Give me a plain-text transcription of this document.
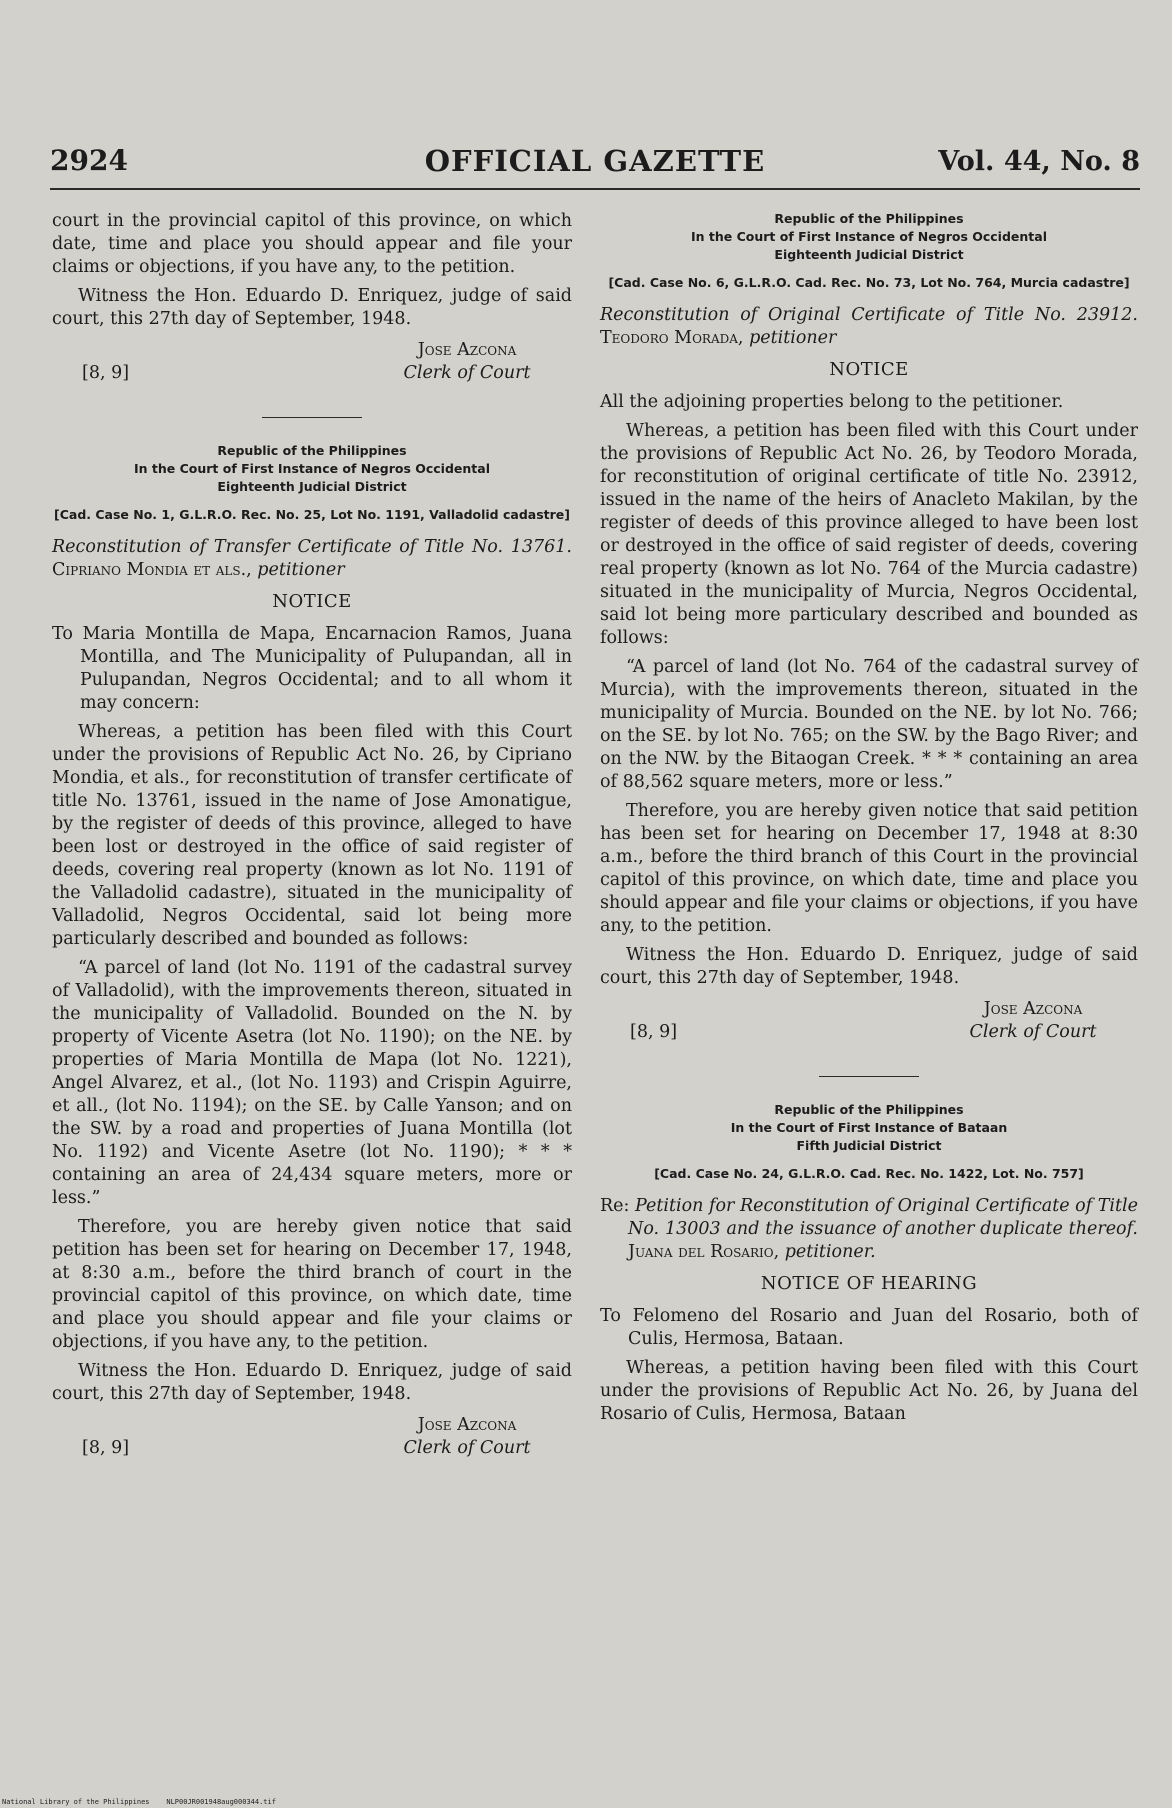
2924	OFFICIAL GAZETTE	Vol. 44, No. 8

court in the provincial capitol of this province, on which date, time and place you should appear and file your claims or objections, if you have any, to the petition.

Witness the Hon. Eduardo D. Enriquez, judge of said court, this 27th day of September, 1948.

Jose Azcona
Clerk of Court
[8, 9]

Republic of the Philippines

In the Court of First Instance of Negros Occidental

Eighteenth Judicial District

[Cad. Case No. 1, G.L.R.O. Rec. No. 25, Lot No. 1191, Valladolid cadastre]

Reconstitution of Transfer Certificate of Title No. 13761. Cipriano Mondia et als., petitioner

NOTICE

To Maria Montilla de Mapa, Encarnacion Ramos, Juana Montilla, and The Municipality of Pulupandan, all in Pulupandan, Negros Occidental; and to all whom it may concern:

Whereas, a petition has been filed with this Court under the provisions of Republic Act No. 26, by Cipriano Mondia, et als., for reconstitution of transfer certificate of title No. 13761, issued in the name of Jose Amonatigue, by the register of deeds of this province, alleged to have been lost or destroyed in the office of said register of deeds, covering real property (known as lot No. 1191 of the Valladolid cadastre), situated in the municipality of Valladolid, Negros Occidental, said lot being more particularly described and bounded as follows:

“A parcel of land (lot No. 1191 of the cadastral survey of Valladolid), with the improvements thereon, situated in the municipality of Valladolid. Bounded on the N. by property of Vicente Asetra (lot No. 1190); on the NE. by properties of Maria Montilla de Mapa (lot No. 1221), Angel Alvarez, et al., (lot No. 1193) and Crispin Aguirre, et all., (lot No. 1194); on the SE. by Calle Yanson; and on the SW. by a road and properties of Juana Montilla (lot No. 1192) and Vicente Asetre (lot No. 1190); * * * containing an area of 24,434 square meters, more or less.”

Therefore, you are hereby given notice that said petition has been set for hearing on December 17, 1948, at 8:30 a.m., before the third branch of court in the provincial capitol of this province, on which date, time and place you should appear and file your claims or objections, if you have any, to the petition.

Witness the Hon. Eduardo D. Enriquez, judge of said court, this 27th day of September, 1948.

Jose Azcona
Clerk of Court
[8, 9]

Republic of the Philippines

In the Court of First Instance of Negros Occidental

Eighteenth Judicial District

[Cad. Case No. 6, G.L.R.O. Cad. Rec. No. 73, Lot No. 764, Murcia cadastre]

Reconstitution of Original Certificate of Title No. 23912. Teodoro Morada, petitioner

NOTICE

All the adjoining properties belong to the petitioner.

Whereas, a petition has been filed with this Court under the provisions of Republic Act No. 26, by Teodoro Morada, for reconstitution of original certificate of title No. 23912, issued in the name of the heirs of Anacleto Makilan, by the register of deeds of this province alleged to have been lost or destroyed in the office of said register of deeds, covering real property (known as lot No. 764 of the Murcia cadastre) situated in the municipality of Murcia, Negros Occidental, said lot being more particulary described and bounded as follows:

“A parcel of land (lot No. 764 of the cadastral survey of Murcia), with the improvements thereon, situated in the municipality of Murcia. Bounded on the NE. by lot No. 766; on the SE. by lot No. 765; on the SW. by the Bago River; and on the NW. by the Bitaogan Creek. * * * containing an area of 88,562 square meters, more or less.”

Therefore, you are hereby given notice that said petition has been set for hearing on December 17, 1948 at 8:30 a.m., before the third branch of this Court in the provincial capitol of this province, on which date, time and place you should appear and file your claims or objections, if you have any, to the petition.

Witness the Hon. Eduardo D. Enriquez, judge of said court, this 27th day of September, 1948.

Jose Azcona
Clerk of Court
[8, 9]

Republic of the Philippines

In the Court of First Instance of Bataan

Fifth Judicial District

[Cad. Case No. 24, G.L.R.O. Cad. Rec. No. 1422, Lot. No. 757]

Re: Petition for Reconstitution of Original Certificate of Title No. 13003 and the issuance of another duplicate thereof. Juana del Rosario, petitioner.

NOTICE OF HEARING

To Felomeno del Rosario and Juan del Rosario, both of Culis, Hermosa, Bataan.

Whereas, a petition having been filed with this Court under the provisions of Republic Act No. 26, by Juana del Rosario of Culis, Hermosa, Bataan

National Library of the Philippines NLP00JR001948aug000344.tif
